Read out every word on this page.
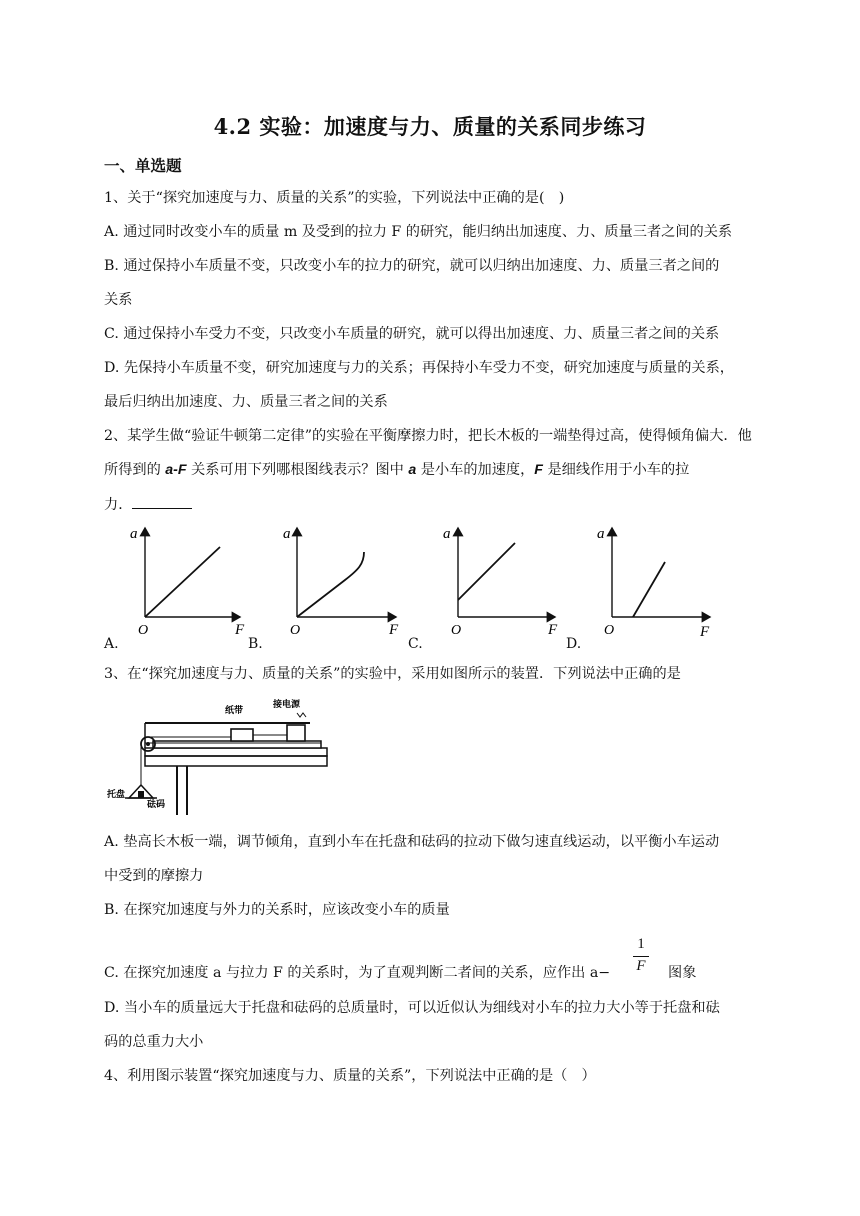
4.2 实验：加速度与力、质量的关系同步练习
一、单选题
1、关于“探究加速度与力、质量的关系”的实验，下列说法中正确的是(　)
A. 通过同时改变小车的质量 m 及受到的拉力 F 的研究，能归纳出加速度、力、质量三者之间的关系
B. 通过保持小车质量不变，只改变小车的拉力的研究，就可以归纳出加速度、力、质量三者之间的
关系
C. 通过保持小车受力不变，只改变小车质量的研究，就可以得出加速度、力、质量三者之间的关系
D. 先保持小车质量不变，研究加速度与力的关系；再保持小车受力不变，研究加速度与质量的关系，
最后归纳出加速度、力、质量三者之间的关系
2、某学生做“验证牛顿第二定律”的实验在平衡摩擦力时，把长木板的一端垫得过高，使得倾角偏大．他
所得到的 a-F 关系可用下列哪根图线表示？图中 a 是小车的加速度，F 是细线作用于小车的拉
力．
a
F
O
a
F
O
a
F
O
a
F
O
A.	B.	C.	D.
3、在“探究加速度与力、质量的关系”的实验中，采用如图所示的装置．下列说法中正确的是
纸带
接电源
托盘
砝码
A. 垫高长木板一端，调节倾角，直到小车在托盘和砝码的拉动下做匀速直线运动，以平衡小车运动
中受到的摩擦力
B. 在探究加速度与外力的关系时，应该改变小车的质量
C. 在探究加速度 a 与拉力 F 的关系时，为了直观判断二者间的关系，应作出 a−
1
F 图象
D. 当小车的质量远大于托盘和砝码的总质量时，可以近似认为细线对小车的拉力大小等于托盘和砝
码的总重力大小
4、利用图示装置“探究加速度与力、质量的关系”，下列说法中正确的是（　）
